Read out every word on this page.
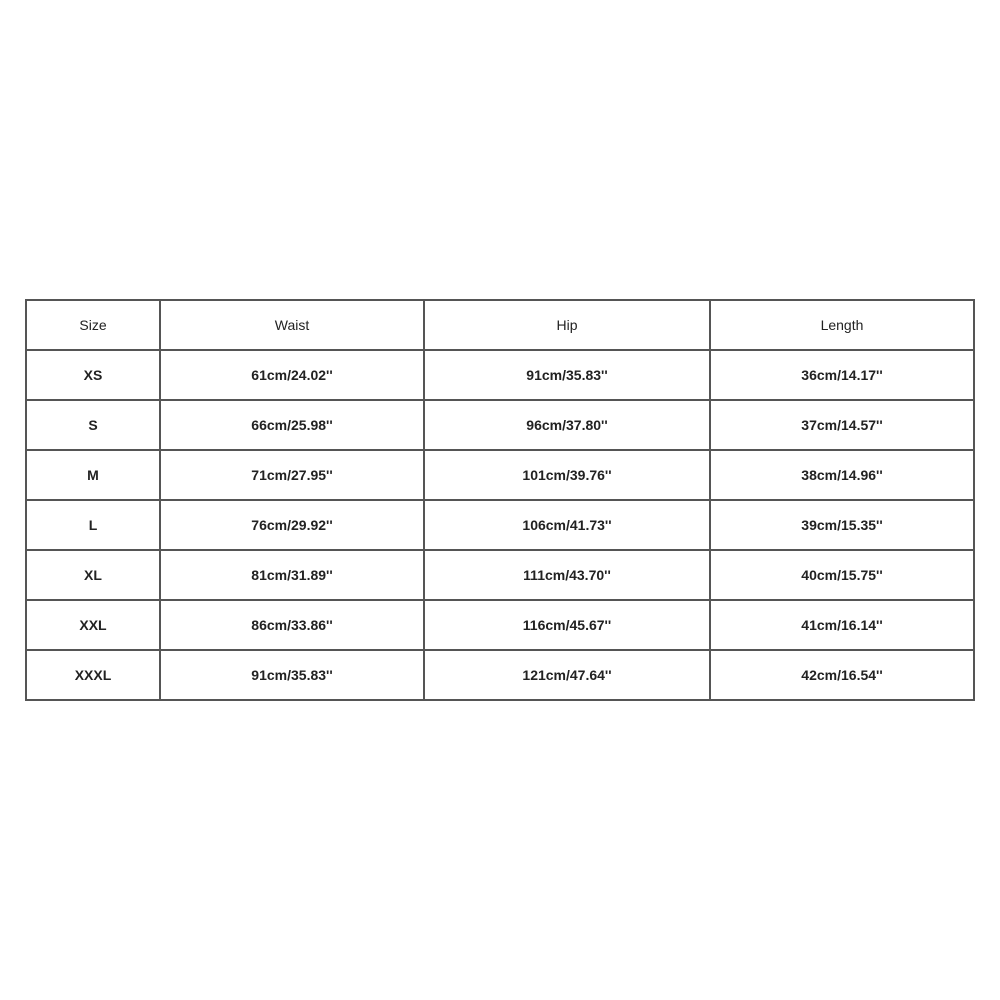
Size	Waist	Hip	Length
XS	61cm/24.02''	91cm/35.83''	36cm/14.17''
S	66cm/25.98''	96cm/37.80''	37cm/14.57''
M	71cm/27.95''	101cm/39.76''	38cm/14.96''
L	76cm/29.92''	106cm/41.73''	39cm/15.35''
XL	81cm/31.89''	111cm/43.70''	40cm/15.75''
XXL	86cm/33.86''	116cm/45.67''	41cm/16.14''
XXXL	91cm/35.83''	121cm/47.64''	42cm/16.54''
